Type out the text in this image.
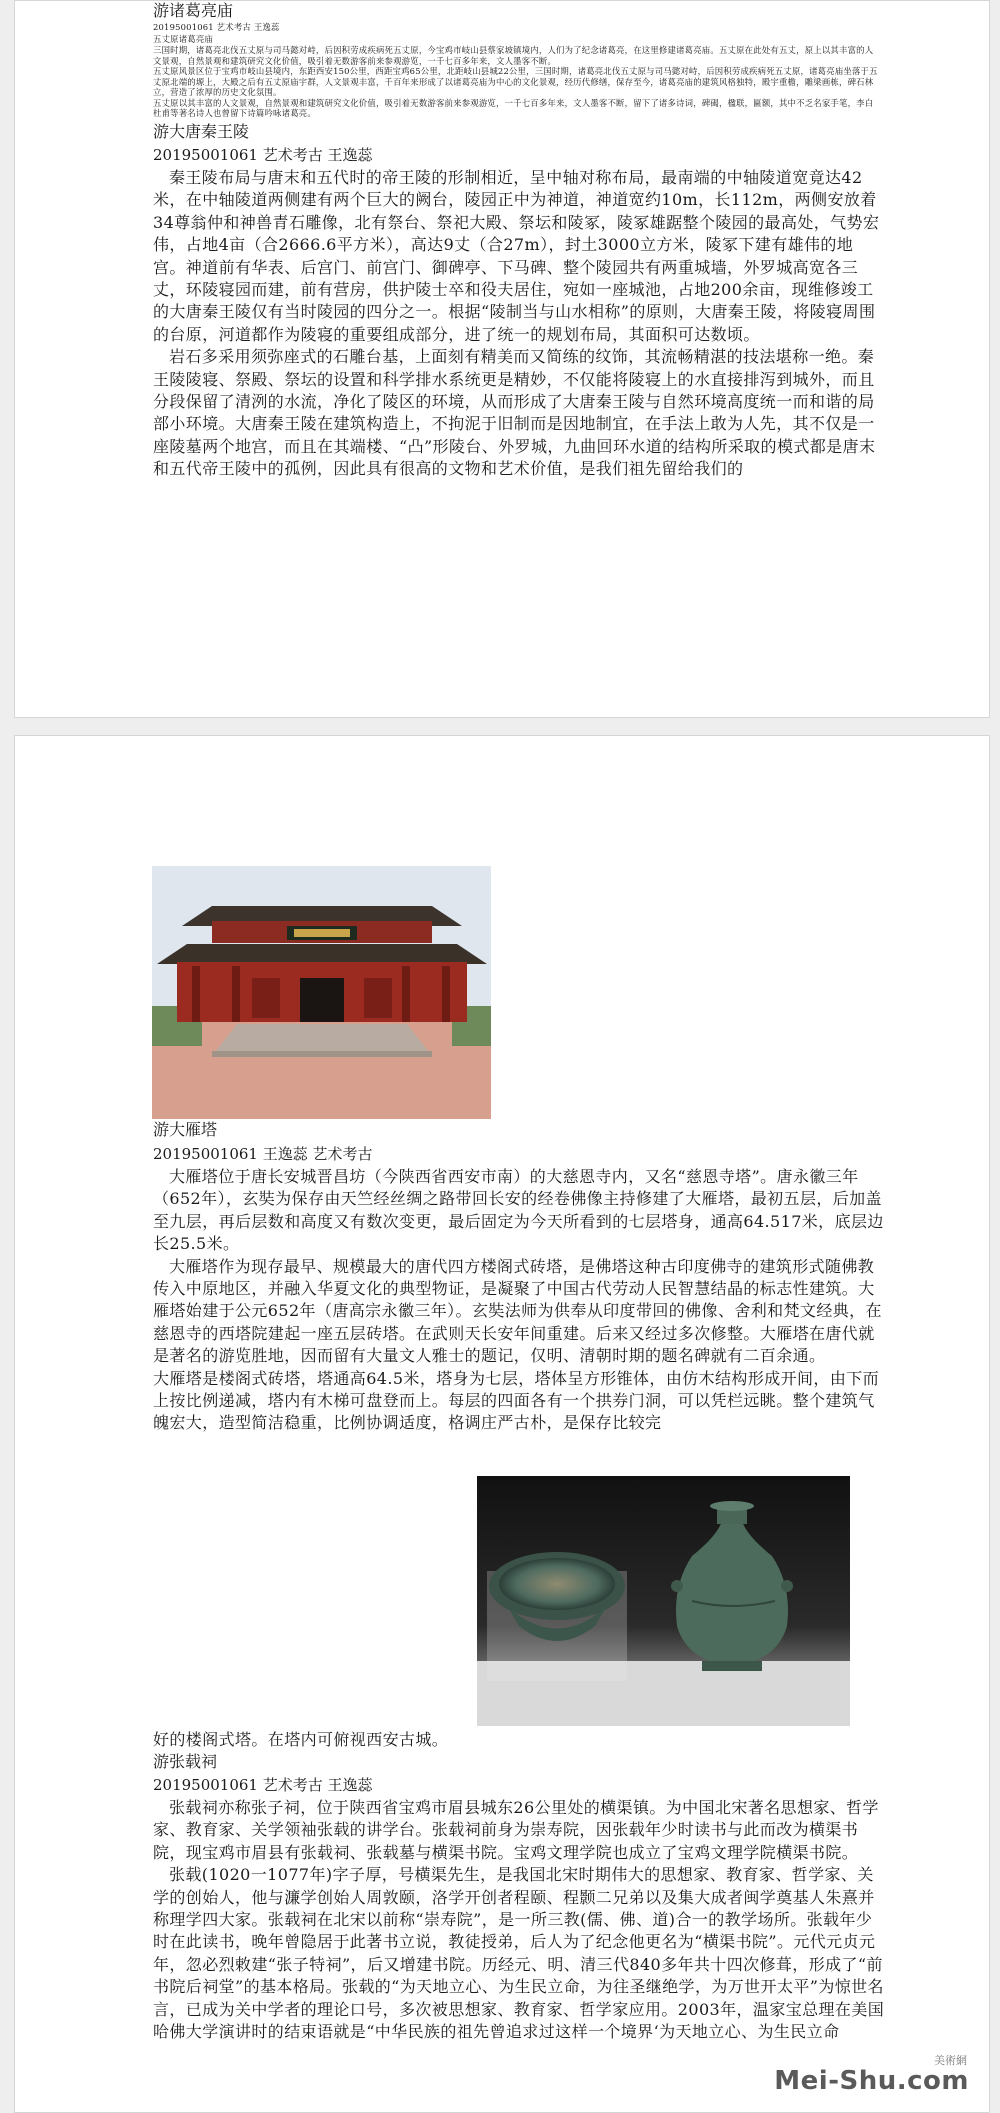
游诸葛亮庙
20195001061 艺术考古 王逸蕊
五丈原诸葛亮庙
三国时期，诸葛亮北伐五丈原与司马懿对峙，后因积劳成疾病死五丈原，今宝鸡市岐山县蔡家坡镇境内，人们为了纪念诸葛亮，在这里修建诸葛亮庙。五丈原在此处有五丈，原上以其丰富的人文景观，自然景观和建筑研究文化价值，吸引着无数游客前来参观游览，一千七百多年来，文人墨客不断。
五丈原风景区位于宝鸡市岐山县境内，东距西安150公里，西距宝鸡65公里，北距岐山县城22公里，三国时期，诸葛亮北伐五丈原与司马懿对峙，后因积劳成疾病死五丈原，诸葛亮庙坐落于五丈原北端的塬上，大殿之后有五丈原庙宇群，人文景观丰富，千百年来形成了以诸葛亮庙为中心的文化景观，经历代修缮，保存至今，诸葛亮庙的建筑风格独特，殿宇重檐，雕梁画栋，碑石林立，营造了浓厚的历史文化氛围。
五丈原以其丰富的人文景观，自然景观和建筑研究文化价值，吸引着无数游客前来参观游览，一千七百多年来，文人墨客不断，留下了诸多诗词，碑碣，楹联，匾额，其中不乏名家手笔，李白杜甫等著名诗人也曾留下诗篇吟咏诸葛亮。
游大唐秦王陵
20195001061 艺术考古 王逸蕊

秦王陵布局与唐末和五代时的帝王陵的形制相近，呈中轴对称布局，最南端的中轴陵道宽竟达42米，在中轴陵道两侧建有两个巨大的阙台，陵园正中为神道，神道宽约10m，长112m，两侧安放着34尊翁仲和神兽青石雕像，北有祭台、祭祀大殿、祭坛和陵冢，陵冢雄踞整个陵园的最高处，气势宏伟，占地4亩（合2666.6平方米），高达9丈（合27m），封土3000立方米，陵冢下建有雄伟的地宫。神道前有华表、后宫门、前宫门、御碑亭、下马碑、整个陵园共有两重城墙，外罗城高宽各三丈，环陵寝园而建，前有营房，供护陵士卒和役夫居住，宛如一座城池，占地200余亩，现维修竣工的大唐秦王陵仅有当时陵园的四分之一。根据“陵制当与山水相称”的原则，大唐秦王陵，将陵寝周围的台原，河道都作为陵寝的重要组成部分，进了统一的规划布局，其面积可达数顷。

岩石多采用须弥座式的石雕台基，上面刻有精美而又简练的纹饰，其流畅精湛的技法堪称一绝。秦王陵陵寝、祭殿、祭坛的设置和科学排水系统更是精妙，不仅能将陵寝上的水直接排泻到城外，而且分段保留了清洌的水流，净化了陵区的环境，从而形成了大唐秦王陵与自然环境高度统一而和谐的局部小环境。大唐秦王陵在建筑构造上，不拘泥于旧制而是因地制宜，在手法上敢为人先，其不仅是一座陵墓两个地宫，而且在其端楼、“凸”形陵台、外罗城，九曲回环水道的结构所采取的模式都是唐末和五代帝王陵中的孤例，因此具有很高的文物和艺术价值，是我们祖先留给我们的

游大雁塔
20195001061 王逸蕊 艺术考古

大雁塔位于唐长安城晋昌坊（今陕西省西安市南）的大慈恩寺内，又名“慈恩寺塔”。唐永徽三年（652年），玄奘为保存由天竺经丝绸之路带回长安的经卷佛像主持修建了大雁塔，最初五层，后加盖至九层，再后层数和高度又有数次变更，最后固定为今天所看到的七层塔身，通高64.517米，底层边长25.5米。

大雁塔作为现存最早、规模最大的唐代四方楼阁式砖塔，是佛塔这种古印度佛寺的建筑形式随佛教传入中原地区，并融入华夏文化的典型物证，是凝聚了中国古代劳动人民智慧结晶的标志性建筑。大雁塔始建于公元652年（唐高宗永徽三年）。玄奘法师为供奉从印度带回的佛像、舍利和梵文经典，在慈恩寺的西塔院建起一座五层砖塔。在武则天长安年间重建。后来又经过多次修整。大雁塔在唐代就是著名的游览胜地，因而留有大量文人雅士的题记，仅明、清朝时期的题名碑就有二百余通。

大雁塔是楼阁式砖塔，塔通高64.5米，塔身为七层，塔体呈方形锥体，由仿木结构形成开间，由下而上按比例递减，塔内有木梯可盘登而上。每层的四面各有一个拱券门洞，可以凭栏远眺。整个建筑气魄宏大，造型简洁稳重，比例协调适度，格调庄严古朴，是保存比较完

好的楼阁式塔。在塔内可俯视西安古城。

游张载祠
20195001061 艺术考古 王逸蕊

张载祠亦称张子祠，位于陕西省宝鸡市眉县城东26公里处的横渠镇。为中国北宋著名思想家、哲学家、教育家、关学领袖张载的讲学台。张载祠前身为崇寿院，因张载年少时读书与此而改为横渠书院，现宝鸡市眉县有张载祠、张载墓与横渠书院。宝鸡文理学院也成立了宝鸡文理学院横渠书院。

张载(1020一1077年)字子厚，号横渠先生，是我国北宋时期伟大的思想家、教育家、哲学家、关学的创始人，他与濂学创始人周敦颐，洛学开创者程颐、程颢二兄弟以及集大成者闽学奠基人朱熹并称理学四大家。张载祠在北宋以前称“崇寿院”，是一所三教(儒、佛、道)合一的教学场所。张载年少时在此读书，晚年曾隐居于此著书立说，教徒授弟，后人为了纪念他更名为“横渠书院”。元代元贞元年，忽必烈敕建“张子特祠”，后又增建书院。历经元、明、清三代840多年共十四次修葺，形成了“前书院后祠堂”的基本格局。张载的“为天地立心、为生民立命，为往圣继绝学，为万世开太平”为惊世名言，已成为关中学者的理论口号，多次被思想家、教育家、哲学家应用。2003年，温家宝总理在美国哈佛大学演讲时的结束语就是“中华民族的祖先曾追求过这样一个境界‘为天地立心、为生民立命

美術網
Mei-Shu.com
